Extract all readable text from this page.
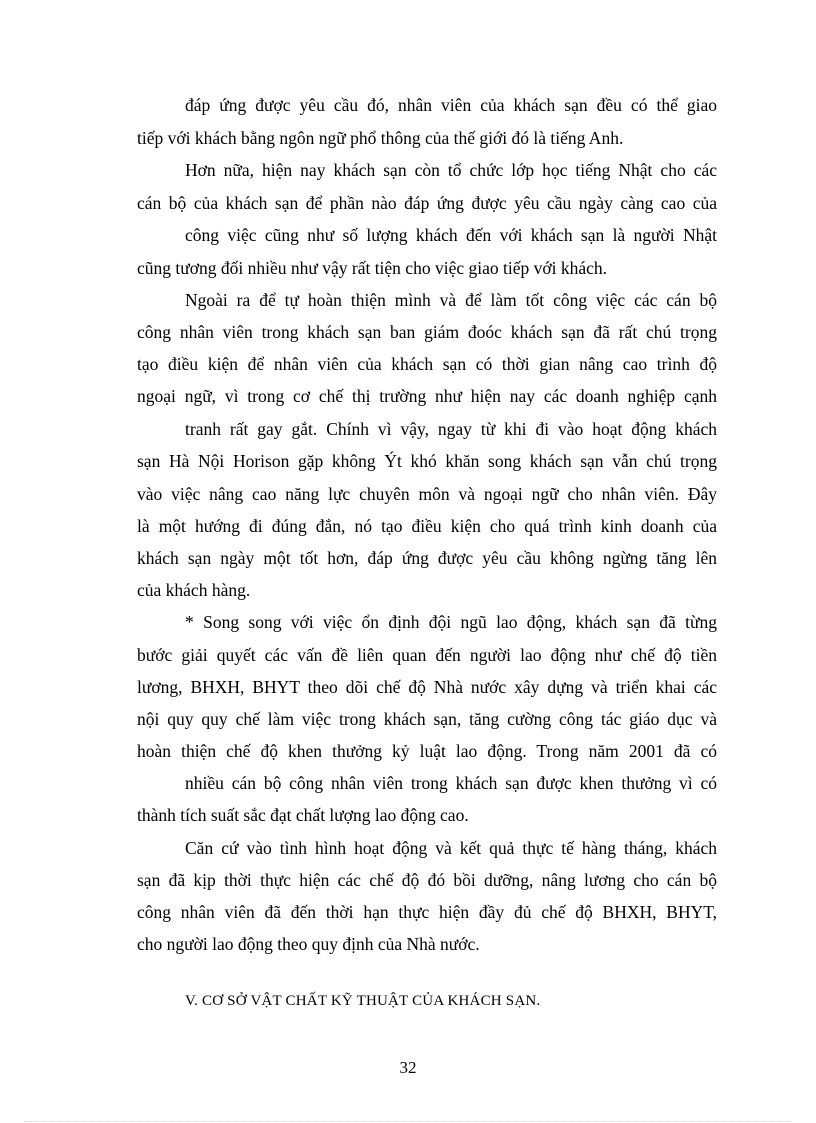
đáp ứng được yêu cầu đó, nhân viên của khách sạn đều có thể giao
tiếp với khách bằng ngôn ngữ phổ thông của thế giới đó là tiếng Anh.
Hơn nữa, hiện nay khách sạn còn tổ chức lớp học tiếng Nhật cho các
cán bộ của khách sạn để phần nào đáp ứng được yêu cầu ngày càng cao của
công việc cũng như số lượng khách đến với khách sạn là người Nhật
cũng tương đối nhiều như vậy rất tiện cho việc giao tiếp với khách.
Ngoài ra để tự hoàn thiện mình và để làm tốt công việc các cán bộ
công nhân viên trong khách sạn ban giám đoóc khách sạn đã rất chú trọng
tạo điều kiện để nhân viên của khách sạn có thời gian nâng cao trình độ
ngoại ngữ, vì trong cơ chế thị trường như hiện nay các doanh nghiệp cạnh
tranh rất gay gắt. Chính vì vậy, ngay từ khi đi vào hoạt động khách
sạn Hà Nội Horison gặp không Ýt khó khăn song khách sạn vẫn chú trọng
vào việc nâng cao năng lực chuyên môn và ngoại ngữ cho nhân viên. Đây
là một hướng đi đúng đắn, nó tạo điều kiện cho quá trình kinh doanh của
khách sạn ngày một tốt hơn, đáp ứng được yêu cầu không ngừng tăng lên
của khách hàng.
* Song song với việc ổn định đội ngũ lao động, khách sạn đã từng
bước giải quyết các vấn đề liên quan đến người lao động như chế độ tiền
lương, BHXH, BHYT theo dõi chế độ Nhà nước xây dựng và triển khai các
nội quy quy chế làm việc trong khách sạn, tăng cường công tác giáo dục và
hoàn thiện chế độ khen thưởng kỷ luật lao động. Trong năm 2001 đã có
nhiều cán bộ công nhân viên trong khách sạn được khen thưởng vì có
thành tích suất sắc đạt chất lượng lao động cao.
Căn cứ vào tình hình hoạt động và kết quả thực tế hàng tháng, khách
sạn đã kịp thời thực hiện các chế độ đó bồi dưỡng, nâng lương cho cán bộ
công nhân viên đã đến thời hạn thực hiện đầy đủ chế độ BHXH, BHYT,
cho người lao động theo quy định của Nhà nước.
V. CƠ SỞ VẬT CHẤT KỸ THUẬT CỦA KHÁCH SẠN.
32
